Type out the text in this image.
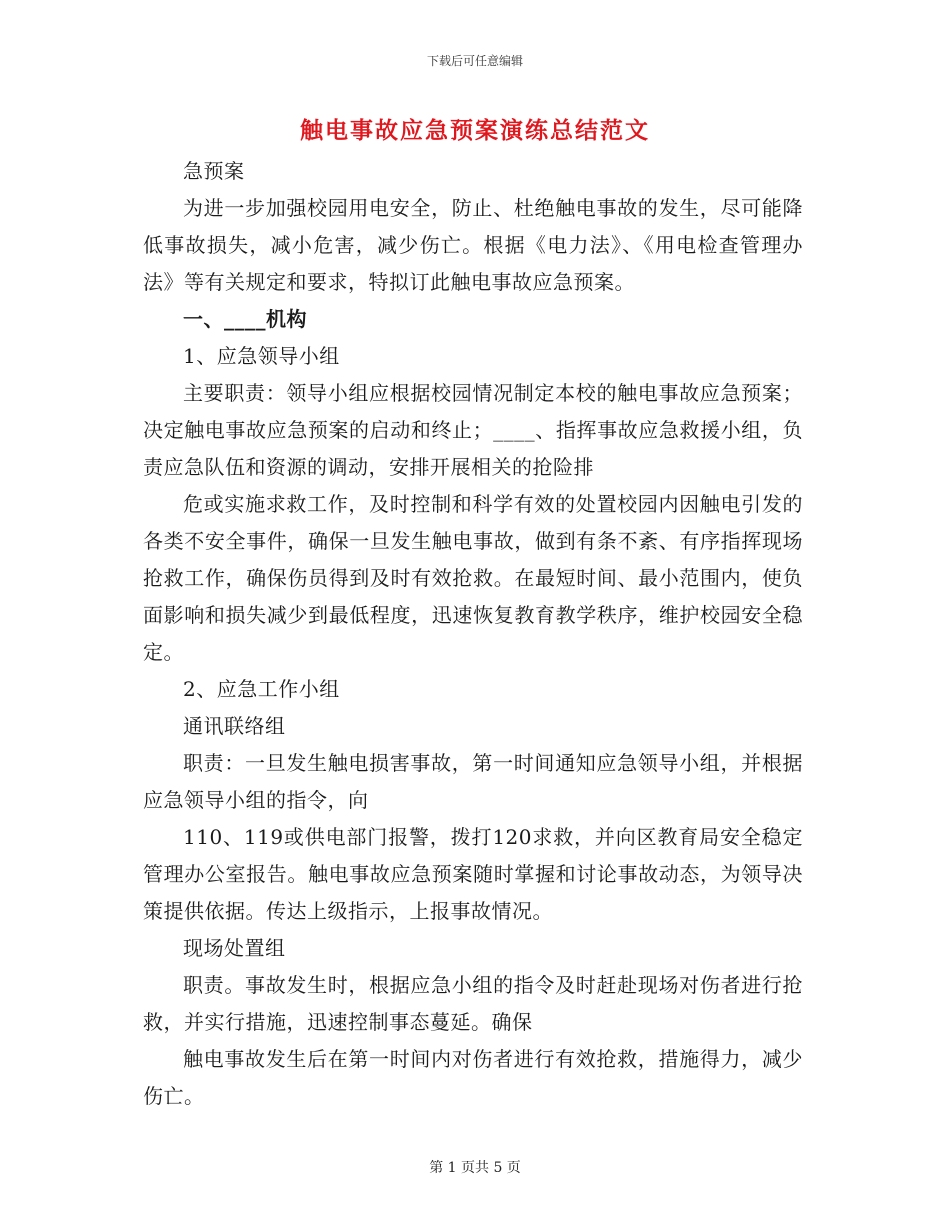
下载后可任意编辑
触电事故应急预案演练总结范文

急预案

为进一步加强校园用电安全，防止、杜绝触电事故的发生，尽可能降低事故损失，减小危害，减少伤亡。根据《电力法》、《用电检查管理办法》等有关规定和要求，特拟订此触电事故应急预案。

一、____机构

1、应急领导小组

主要职责：领导小组应根据校园情况制定本校的触电事故应急预案；决定触电事故应急预案的启动和终止；____、指挥事故应急救援小组，负责应急队伍和资源的调动，安排开展相关的抢险排

危或实施求救工作，及时控制和科学有效的处置校园内因触电引发的各类不安全事件，确保一旦发生触电事故，做到有条不紊、有序指挥现场抢救工作，确保伤员得到及时有效抢救。在最短时间、最小范围内，使负面影响和损失减少到最低程度，迅速恢复教育教学秩序，维护校园安全稳定。

2、应急工作小组

通讯联络组

职责：一旦发生触电损害事故，第一时间通知应急领导小组，并根据应急领导小组的指令，向

110、119或供电部门报警，拨打120求救，并向区教育局安全稳定管理办公室报告。触电事故应急预案随时掌握和讨论事故动态，为领导决策提供依据。传达上级指示，上报事故情况。

现场处置组

职责。事故发生时，根据应急小组的指令及时赶赴现场对伤者进行抢救，并实行措施，迅速控制事态蔓延。确保

触电事故发生后在第一时间内对伤者进行有效抢救，措施得力，减少伤亡。

第 1 页共 5 页
